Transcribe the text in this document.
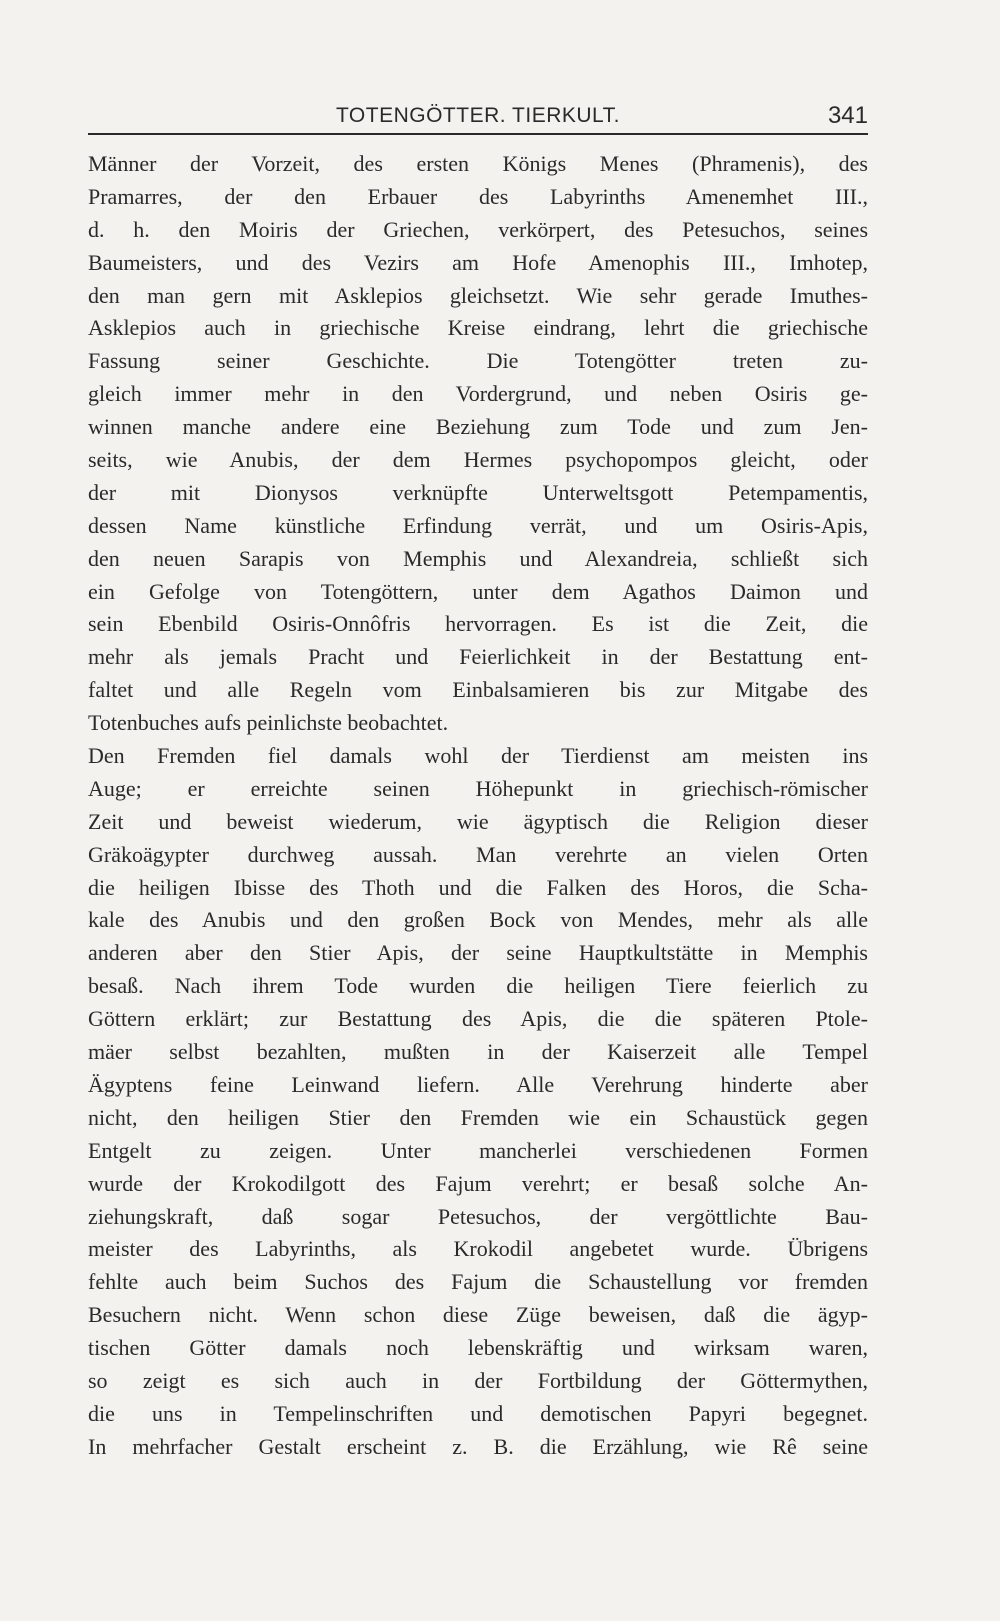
TOTENGÖTTER. TIERKULT.	341
Männer der Vorzeit, des ersten Königs Menes (Phramenis), des
Pramarres, der den Erbauer des Labyrinths Amenemhet III.,
d. h. den Moiris der Griechen, verkörpert, des Petesuchos, seines
Baumeisters, und des Vezirs am Hofe Amenophis III., Imhotep,
den man gern mit Asklepios gleichsetzt. Wie sehr gerade Imuthes-
Asklepios auch in griechische Kreise eindrang, lehrt die griechische
Fassung seiner Geschichte. Die Totengötter treten zu-
gleich immer mehr in den Vordergrund, und neben Osiris ge-
winnen manche andere eine Beziehung zum Tode und zum Jen-
seits, wie Anubis, der dem Hermes psychopompos gleicht, oder
der mit Dionysos verknüpfte Unterweltsgott Petempamentis,
dessen Name künstliche Erfindung verrät, und um Osiris-Apis,
den neuen Sarapis von Memphis und Alexandreia, schließt sich
ein Gefolge von Totengöttern, unter dem Agathos Daimon und
sein Ebenbild Osiris-Onnôfris hervorragen. Es ist die Zeit, die
mehr als jemals Pracht und Feierlichkeit in der Bestattung ent-
faltet und alle Regeln vom Einbalsamieren bis zur Mitgabe des
Totenbuches aufs peinlichste beobachtet.
Den Fremden fiel damals wohl der Tierdienst am meisten ins
Auge; er erreichte seinen Höhepunkt in griechisch-römischer
Zeit und beweist wiederum, wie ägyptisch die Religion dieser
Gräkoägypter durchweg aussah. Man verehrte an vielen Orten
die heiligen Ibisse des Thoth und die Falken des Horos, die Scha-
kale des Anubis und den großen Bock von Mendes, mehr als alle
anderen aber den Stier Apis, der seine Hauptkultstätte in Memphis
besaß. Nach ihrem Tode wurden die heiligen Tiere feierlich zu
Göttern erklärt; zur Bestattung des Apis, die die späteren Ptole-
mäer selbst bezahlten, mußten in der Kaiserzeit alle Tempel
Ägyptens feine Leinwand liefern. Alle Verehrung hinderte aber
nicht, den heiligen Stier den Fremden wie ein Schaustück gegen
Entgelt zu zeigen. Unter mancherlei verschiedenen Formen
wurde der Krokodilgott des Fajum verehrt; er besaß solche An-
ziehungskraft, daß sogar Petesuchos, der vergöttlichte Bau-
meister des Labyrinths, als Krokodil angebetet wurde. Übrigens
fehlte auch beim Suchos des Fajum die Schaustellung vor fremden
Besuchern nicht. Wenn schon diese Züge beweisen, daß die ägyp-
tischen Götter damals noch lebenskräftig und wirksam waren,
so zeigt es sich auch in der Fortbildung der Göttermythen,
die uns in Tempelinschriften und demotischen Papyri begegnet.
In mehrfacher Gestalt erscheint z. B. die Erzählung, wie Rê seine
